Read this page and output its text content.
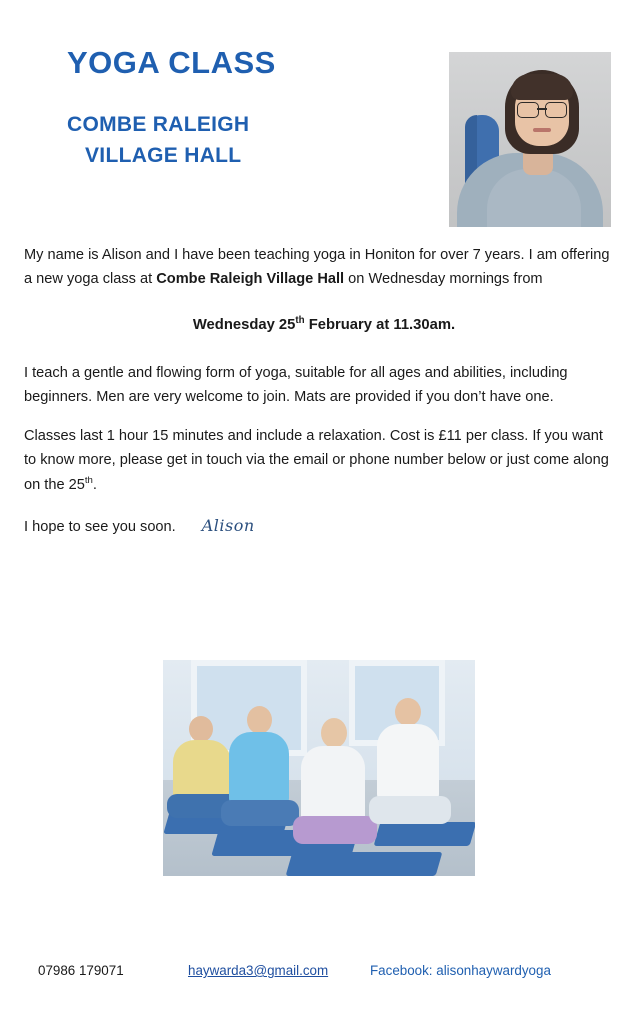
YOGA CLASS
COMBE RALEIGH
VILLAGE HALL

My name is Alison and I have been teaching yoga in Honiton for over 7 years. I am offering a new yoga class at Combe Raleigh Village Hall on Wednesday mornings from

Wednesday 25th February at 11.30am.

I teach a gentle and flowing form of yoga, suitable for all ages and abilities, including beginners. Men are very welcome to join. Mats are provided if you don’t have one.

Classes last 1 hour 15 minutes and include a relaxation. Cost is £11 per class. If you want to know more, please get in touch via the email or phone number below or just come along on the 25th.

I hope to see you soon. Alison
07986 179071	haywarda3@gmail.com	Facebook: alisonhaywardyoga
